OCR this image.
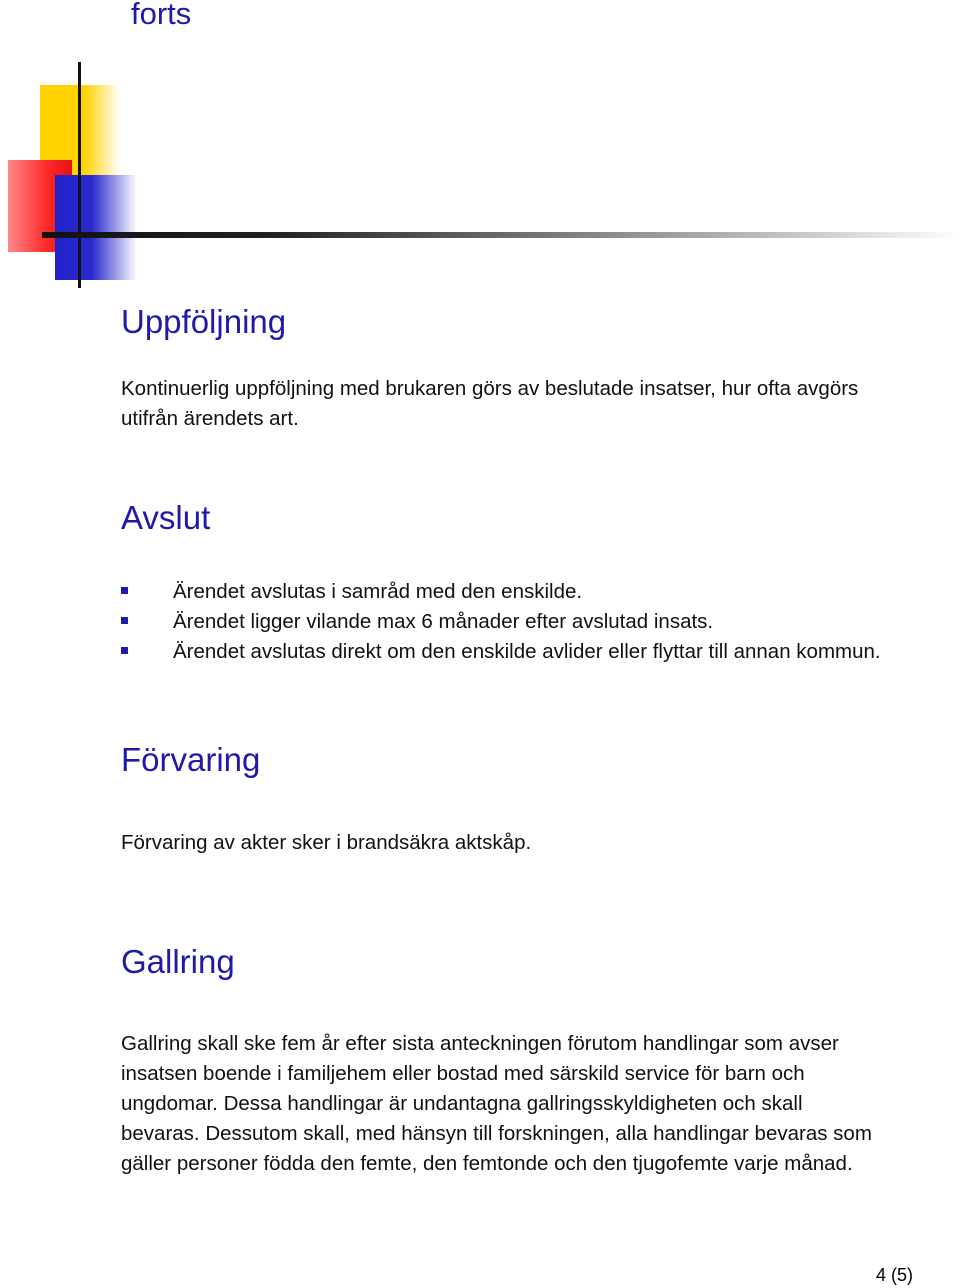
forts
Uppföljning
Kontinuerlig uppföljning med brukaren görs av beslutade insatser, hur ofta avgörs
utifrån ärendets art.
Avslut
Ärendet avslutas i samråd med den enskilde.
Ärendet ligger vilande max 6 månader efter avslutad insats.
Ärendet avslutas direkt om den enskilde avlider eller flyttar till annan kommun.
Förvaring
Förvaring av akter sker i brandsäkra aktskåp.
Gallring
Gallring skall ske fem år efter sista anteckningen förutom handlingar som avser
insatsen boende i familjehem eller bostad med särskild service för barn och
ungdomar. Dessa handlingar är undantagna gallringsskyldigheten och skall
bevaras. Dessutom skall, med hänsyn till forskningen, alla handlingar bevaras som
gäller personer födda den femte, den femtonde och den tjugofemte varje månad.
4 (5)
